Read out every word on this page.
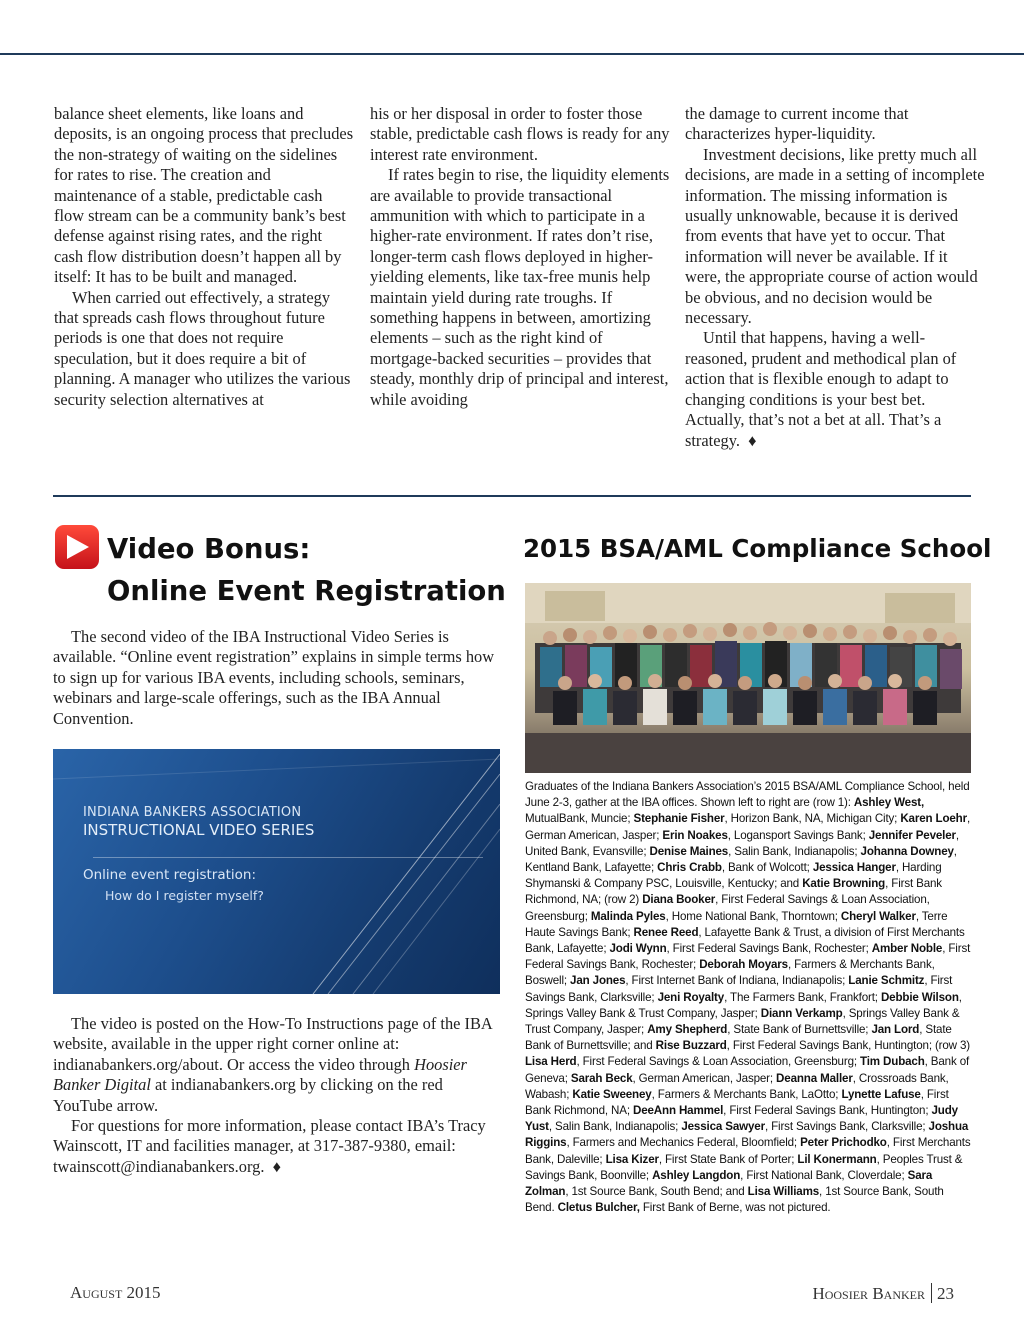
balance sheet elements, like loans and deposits, is an ongoing process that precludes the non-strategy of waiting on the sidelines for rates to rise. The creation and maintenance of a stable, predictable cash flow stream can be a community bank’s best defense against rising rates, and the right cash flow distribution doesn’t happen all by itself: It has to be built and managed.

When carried out effectively, a strategy that spreads cash flows throughout future periods is one that does not require speculation, but it does require a bit of planning. A manager who utilizes the various security selection alternatives at

his or her disposal in order to foster those stable, predictable cash flows is ready for any interest rate environment.

If rates begin to rise, the liquidity elements are available to provide transactional ammunition with which to participate in a higher-rate environment. If rates don’t rise, longer-term cash flows deployed in higher-yielding elements, like tax-free munis help maintain yield during rate troughs. If something happens in between, amortizing elements – such as the right kind of mortgage-backed securities – provides that steady, monthly drip of principal and interest, while avoiding

the damage to current income that characterizes hyper-liquidity.

Investment decisions, like pretty much all decisions, are made in a setting of incomplete information. The missing information is usually unknowable, because it is derived from events that have yet to occur. That information will never be available. If it were, the appropriate course of action would be obvious, and no decision would be necessary.

Until that happens, having a well-reasoned, prudent and methodical plan of action that is flexible enough to adapt to changing conditions is your best bet. Actually, that’s not a bet at all. That’s a strategy. ♦

Video Bonus:
Online Event Registration

The second video of the IBA Instructional Video Series is available. “Online event registration” explains in simple terms how to sign up for various IBA events, including schools, seminars, webinars and large-scale offerings, such as the IBA Annual Convention.

INDIANA BANKERS ASSOCIATION
INSTRUCTIONAL VIDEO SERIES
Online event registration:
How do I register myself?

The video is posted on the How-To Instructions page of the IBA website, available in the upper right corner online at: indianabankers.org/about. Or access the video through Hoosier Banker Digital at indianabankers.org by clicking on the red YouTube arrow.

For questions for more information, please contact IBA’s Tracy Wainscott, IT and facilities manager, at 317-387-9380, email: twainscott@indianabankers.org. ♦

2015 BSA/AML Compliance School
Graduates of the Indiana Bankers Association’s 2015 BSA/AML Compliance School, held June 2-3, gather at the IBA offices. Shown left to right are (row 1): Ashley West, MutualBank, Muncie; Stephanie Fisher, Horizon Bank, NA, Michigan City; Karen Loehr, German American, Jasper; Erin Noakes, Logansport Savings Bank; Jennifer Peveler, United Bank, Evansville; Denise Maines, Salin Bank, Indianapolis; Johanna Downey, Kentland Bank, Lafayette; Chris Crabb, Bank of Wolcott; Jessica Hanger, Harding Shymanski & Company PSC, Louisville, Kentucky; and Katie Browning, First Bank Richmond, NA; (row 2) Diana Booker, First Federal Savings & Loan Association, Greensburg; Malinda Pyles, Home National Bank, Thorntown; Cheryl Walker, Terre Haute Savings Bank; Renee Reed, Lafayette Bank & Trust, a division of First Merchants Bank, Lafayette; Jodi Wynn, First Federal Savings Bank, Rochester; Amber Noble, First Federal Savings Bank, Rochester; Deborah Moyars, Farmers & Merchants Bank, Boswell; Jan Jones, First Internet Bank of Indiana, Indianapolis; Lanie Schmitz, First Savings Bank, Clarksville; Jeni Royalty, The Farmers Bank, Frankfort; Debbie Wilson, Springs Valley Bank & Trust Company, Jasper; Diann Verkamp, Springs Valley Bank & Trust Company, Jasper; Amy Shepherd, State Bank of Burnettsville; Jan Lord, State Bank of Burnettsville; and Rise Buzzard, First Federal Savings Bank, Huntington; (row 3) Lisa Herd, First Federal Savings & Loan Association, Greensburg; Tim Dubach, Bank of Geneva; Sarah Beck, German American, Jasper; Deanna Maller, Crossroads Bank, Wabash; Katie Sweeney, Farmers & Merchants Bank, LaOtto; Lynette Lafuse, First Bank Richmond, NA; DeeAnn Hammel, First Federal Savings Bank, Huntington; Judy Yust, Salin Bank, Indianapolis; Jessica Sawyer, First Savings Bank, Clarksville; Joshua Riggins, Farmers and Mechanics Federal, Bloomfield; Peter Prichodko, First Merchants Bank, Daleville; Lisa Kizer, First State Bank of Porter; Lil Konermann, Peoples Trust & Savings Bank, Boonville; Ashley Langdon, First National Bank, Cloverdale; Sara Zolman, 1st Source Bank, South Bend; and Lisa Williams, 1st Source Bank, South Bend. Cletus Bulcher, First Bank of Berne, was not pictured.
August 2015	Hoosier Banker 23
